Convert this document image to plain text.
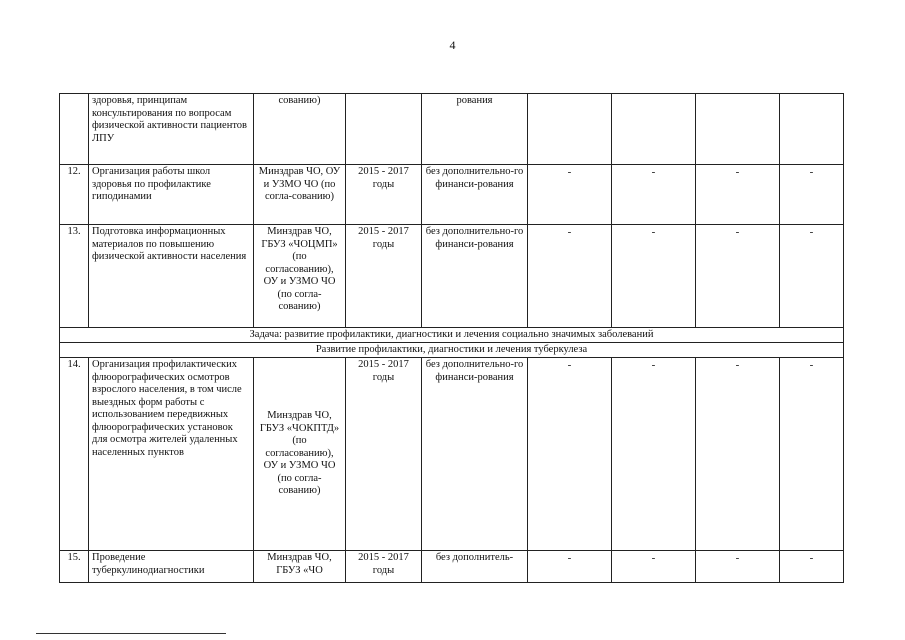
4
	здоровья, принципам консультирования по вопросам физической активности пациентов ЛПУ	сованию)		рования				
12.	Организация работы школ здоровья по профилактике гиподинамии	Минздрав ЧО, ОУ и УЗМО ЧО (по согла-сованию)	2015 - 2017 годы	без дополнительно-го финанси-рования	-	-	-	-
13.	Подготовка информационных материалов по повышению физической активности населения	Минздрав ЧО, ГБУЗ «ЧОЦМП» (по согласованию), ОУ и УЗМО ЧО (по согла-сованию)	2015 - 2017 годы	без дополнительно-го финанси-рования	-	-	-	-
Задача: развитие профилактики, диагностики и лечения социально значимых заболеваний								
Развитие профилактики, диагностики и лечения туберкулеза								
14.	Организация профилактических флюорографических осмотров взрослого населения, в том числе выездных форм работы с использованием передвижных флюорографических установок для осмотра жителей удаленных населенных пунктов	Минздрав ЧО, ГБУЗ «ЧОКПТД» (по согласованию), ОУ и УЗМО ЧО (по согла-сованию)	2015 - 2017 годы	без дополнительно-го финанси-рования	-	-	-	-
15.	Проведение туберкулинодиагностики	Минздрав ЧО, ГБУЗ «ЧО	2015 - 2017 годы	без дополнитель-	-	-	-	-
